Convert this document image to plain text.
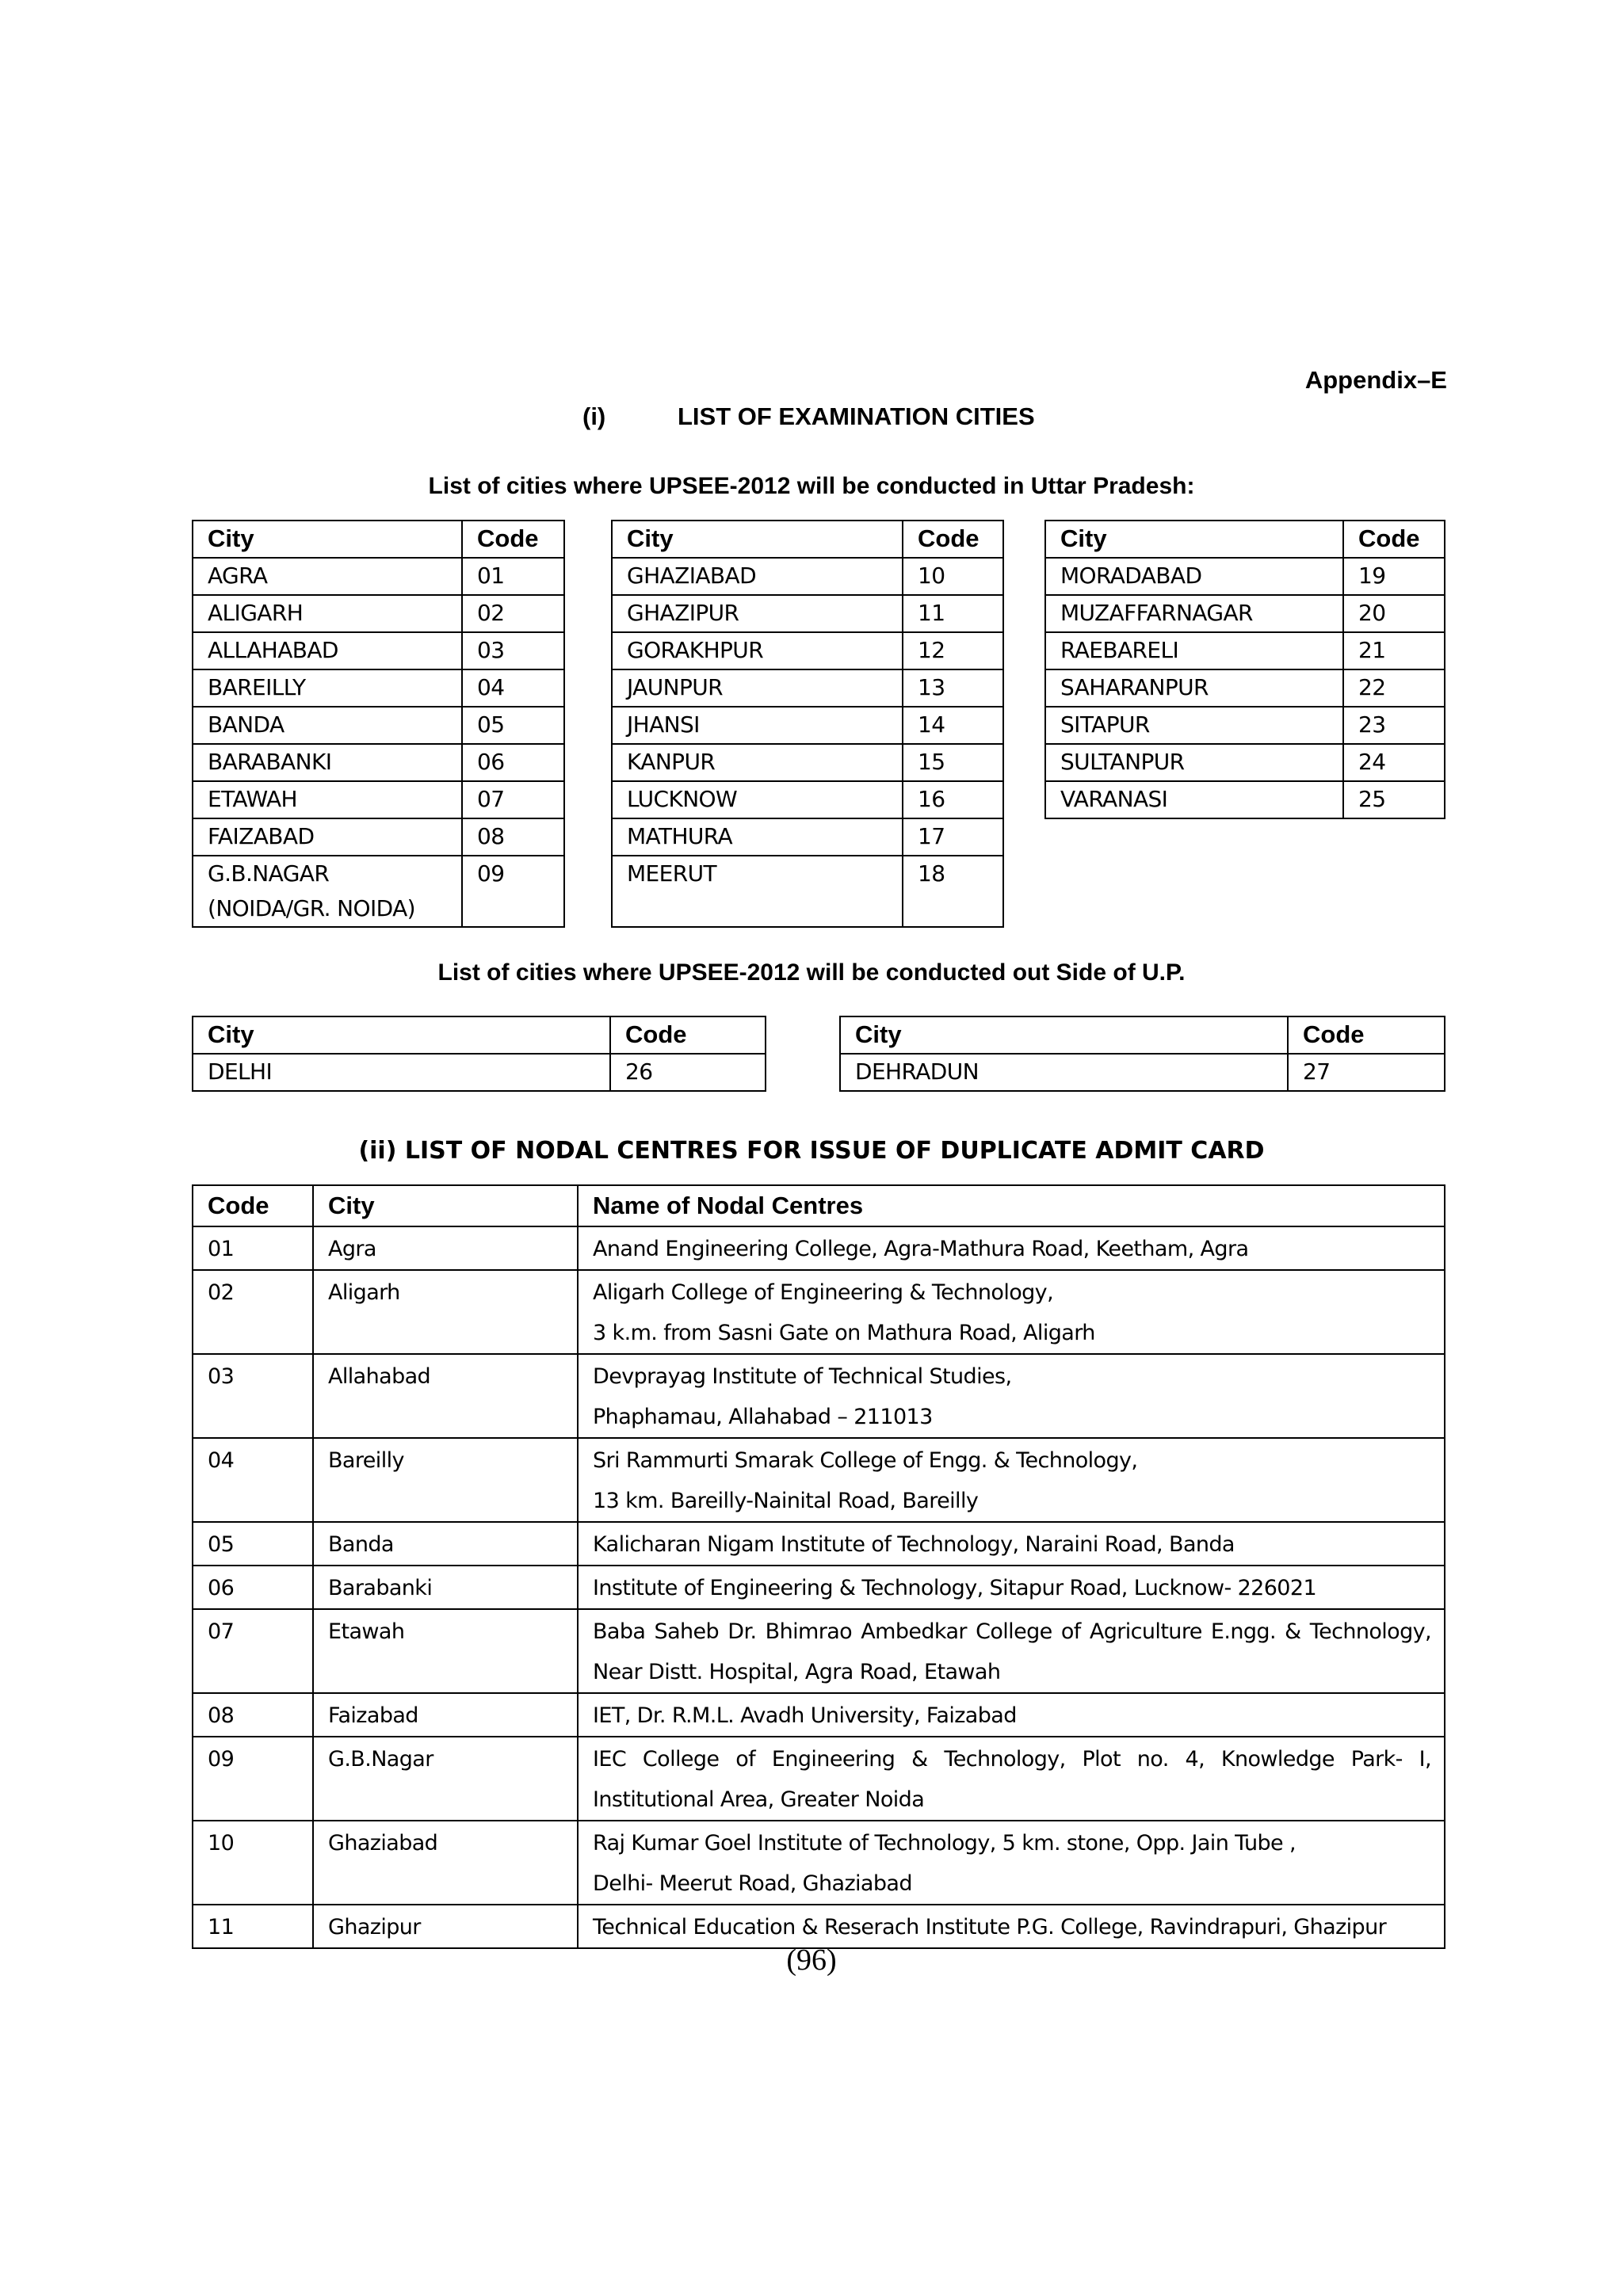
Appendix–E
(i)	LIST OF EXAMINATION CITIES
List of cities where UPSEE-2012 will be conducted in Uttar Pradesh:
City	Code
AGRA	01
ALIGARH	02
ALLAHABAD	03
BAREILLY	04
BANDA	05
BARABANKI	06
ETAWAH	07
FAIZABAD	08

G.B.NAGAR
(NOIDA/GR. NOIDA)	09
City	Code
GHAZIABAD	10
GHAZIPUR	11
GORAKHPUR	12
JAUNPUR	13
JHANSI	14
KANPUR	15
LUCKNOW	16
MATHURA	17
MEERUT	18
City	Code
MORADABAD	19
MUZAFFARNAGAR	20
RAEBARELI	21
SAHARANPUR	22
SITAPUR	23
SULTANPUR	24
VARANASI	25
List of cities where UPSEE-2012 will be conducted out Side of U.P.
City	Code
DELHI	26
City	Code
DEHRADUN	27
(ii) LIST OF NODAL CENTRES FOR ISSUE OF DUPLICATE ADMIT CARD
Code	City	Name of Nodal Centres
01	Agra	Anand Engineering College, Agra-Mathura Road, Keetham, Agra

02	Aligarh	Aligarh College of Engineering & Technology,
3 k.m. from Sasni Gate on Mathura Road, Aligarh

03	Allahabad	Devprayag Institute of Technical Studies,
Phaphamau, Allahabad – 211013

04	Bareilly	Sri Rammurti Smarak College of Engg. & Technology,
13 km. Bareilly-Nainital Road, Bareilly

05	Banda	Kalicharan Nigam Institute of Technology, Naraini Road, Banda

06	Barabanki	Institute of Engineering & Technology, Sitapur Road, Lucknow- 226021

07	Etawah	Baba Saheb Dr. Bhimrao Ambedkar College of Agriculture E.ngg. & Technology, Near Distt. Hospital, Agra Road, Etawah

08	Faizabad	IET, Dr. R.M.L. Avadh University, Faizabad

09	G.B.Nagar	IEC College of Engineering & Technology, Plot no. 4, Knowledge Park- I, Institutional Area, Greater Noida

10	Ghaziabad	Raj Kumar Goel Institute of Technology, 5 km. stone, Opp. Jain Tube ,
Delhi- Meerut Road, Ghaziabad

11	Ghazipur	Technical Education & Reserach Institute P.G. College, Ravindrapuri, Ghazipur
(96)
